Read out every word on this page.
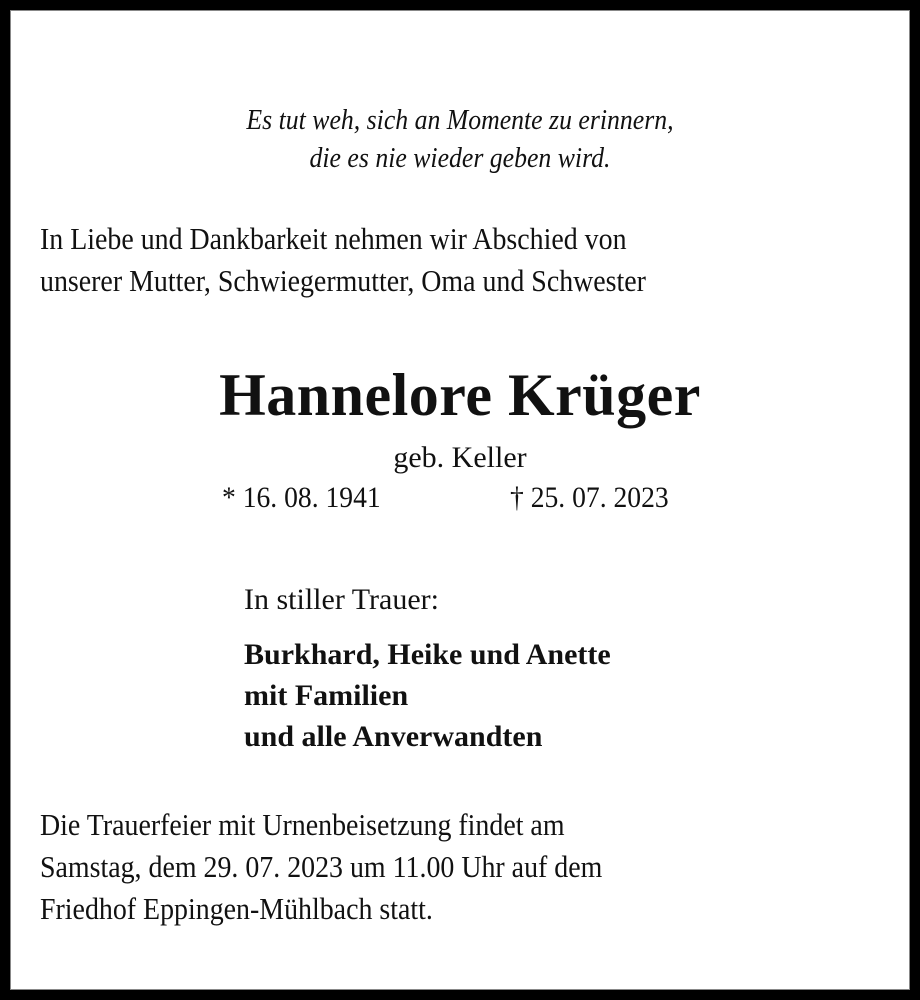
Es tut weh, sich an Momente zu erinnern,
die es nie wieder geben wird.
In Liebe und Dankbarkeit nehmen wir Abschied von
unserer Mutter, Schwiegermutter, Oma und Schwester
Hannelore Krüger
geb. Keller
* 16. 08. 1941	† 25. 07. 2023
In stiller Trauer:
Burkhard, Heike und Anette
mit Familien
und alle Anverwandten
Die Trauerfeier mit Urnenbeisetzung findet am
Samstag, dem 29. 07. 2023 um 11.00 Uhr auf dem
Friedhof Eppingen-Mühlbach statt.
